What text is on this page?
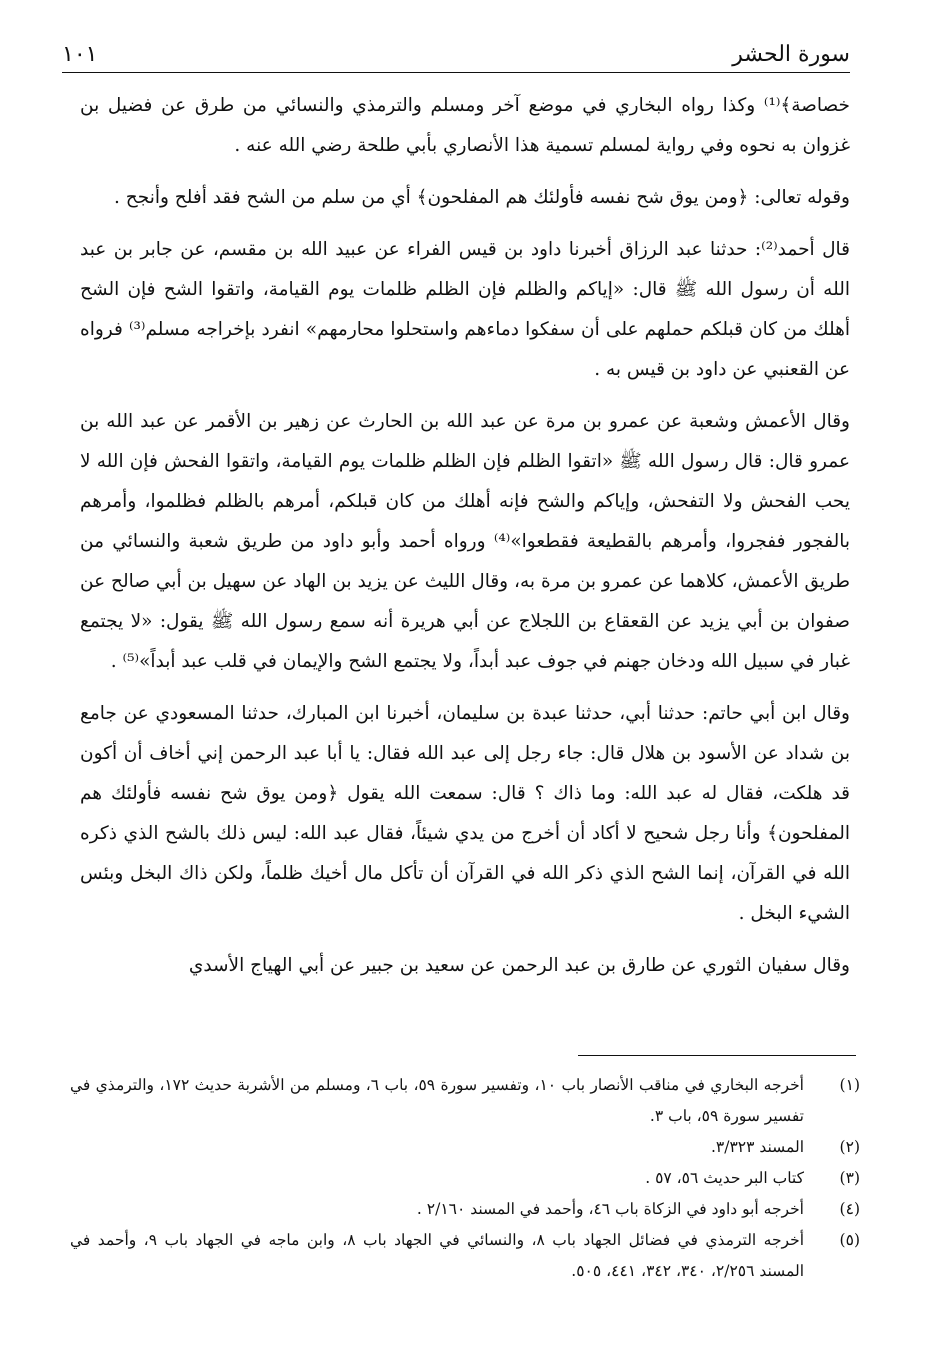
سورة الحشر
١٠١

خصاصة﴾⁽¹⁾ وكذا رواه البخاري في موضع آخر ومسلم والترمذي والنسائي من طرق عن فضيل بن غزوان به نحوه وفي رواية لمسلم تسمية هذا الأنصاري بأبي طلحة رضي الله عنه .

وقوله تعالى: ﴿ومن يوق شح نفسه فأولئك هم المفلحون﴾ أي من سلم من الشح فقد أفلح وأنجح .

قال أحمد⁽²⁾: حدثنا عبد الرزاق أخبرنا داود بن قيس الفراء عن عبيد الله بن مقسم، عن جابر بن عبد الله أن رسول الله ﷺ قال: «إياكم والظلم فإن الظلم ظلمات يوم القيامة، واتقوا الشح فإن الشح أهلك من كان قبلكم حملهم على أن سفكوا دماءهم واستحلوا محارمهم» انفرد بإخراجه مسلم⁽³⁾ فرواه عن القعنبي عن داود بن قيس به .

وقال الأعمش وشعبة عن عمرو بن مرة عن عبد الله بن الحارث عن زهير بن الأقمر عن عبد الله بن عمرو قال: قال رسول الله ﷺ «اتقوا الظلم فإن الظلم ظلمات يوم القيامة، واتقوا الفحش فإن الله لا يحب الفحش ولا التفحش، وإياكم والشح فإنه أهلك من كان قبلكم، أمرهم بالظلم فظلموا، وأمرهم بالفجور ففجروا، وأمرهم بالقطيعة فقطعوا»⁽⁴⁾ ورواه أحمد وأبو داود من طريق شعبة والنسائي من طريق الأعمش، كلاهما عن عمرو بن مرة به، وقال الليث عن يزيد بن الهاد عن سهيل بن أبي صالح عن صفوان بن أبي يزيد عن القعقاع بن اللجلاج عن أبي هريرة أنه سمع رسول الله ﷺ يقول: «لا يجتمع غبار في سبيل الله ودخان جهنم في جوف عبد أبداً، ولا يجتمع الشح والإيمان في قلب عبد أبداً»⁽⁵⁾ .

وقال ابن أبي حاتم: حدثنا أبي، حدثنا عبدة بن سليمان، أخبرنا ابن المبارك، حدثنا المسعودي عن جامع بن شداد عن الأسود بن هلال قال: جاء رجل إلى عبد الله فقال: يا أبا عبد الرحمن إني أخاف أن أكون قد هلكت، فقال له عبد الله: وما ذاك ؟ قال: سمعت الله يقول ﴿ومن يوق شح نفسه فأولئك هم المفلحون﴾ وأنا رجل شحيح لا أكاد أن أخرج من يدي شيئاً، فقال عبد الله: ليس ذلك بالشح الذي ذكره الله في القرآن، إنما الشح الذي ذكر الله في القرآن أن تأكل مال أخيك ظلماً، ولكن ذاك البخل وبئس الشيء البخل .

وقال سفيان الثوري عن طارق بن عبد الرحمن عن سعيد بن جبير عن أبي الهياج الأسدي

(١)
أخرجه البخاري في مناقب الأنصار باب ١٠، وتفسير سورة ٥٩، باب ٦، ومسلم من الأشربة حديث ١٧٢، والترمذي في تفسير سورة ٥٩، باب ٣.
(٢)
المسند ٣/٣٢٣.
(٣)
كتاب البر حديث ٥٦، ٥٧ .
(٤)
أخرجه أبو داود في الزكاة باب ٤٦، وأحمد في المسند ٢/١٦٠ .
(٥)
أخرجه الترمذي في فضائل الجهاد باب ٨، والنسائي في الجهاد باب ٨، وابن ماجه في الجهاد باب ٩، وأحمد في المسند ٢/٢٥٦، ٣٤٠، ٣٤٢، ٤٤١، ٥٠٥.
